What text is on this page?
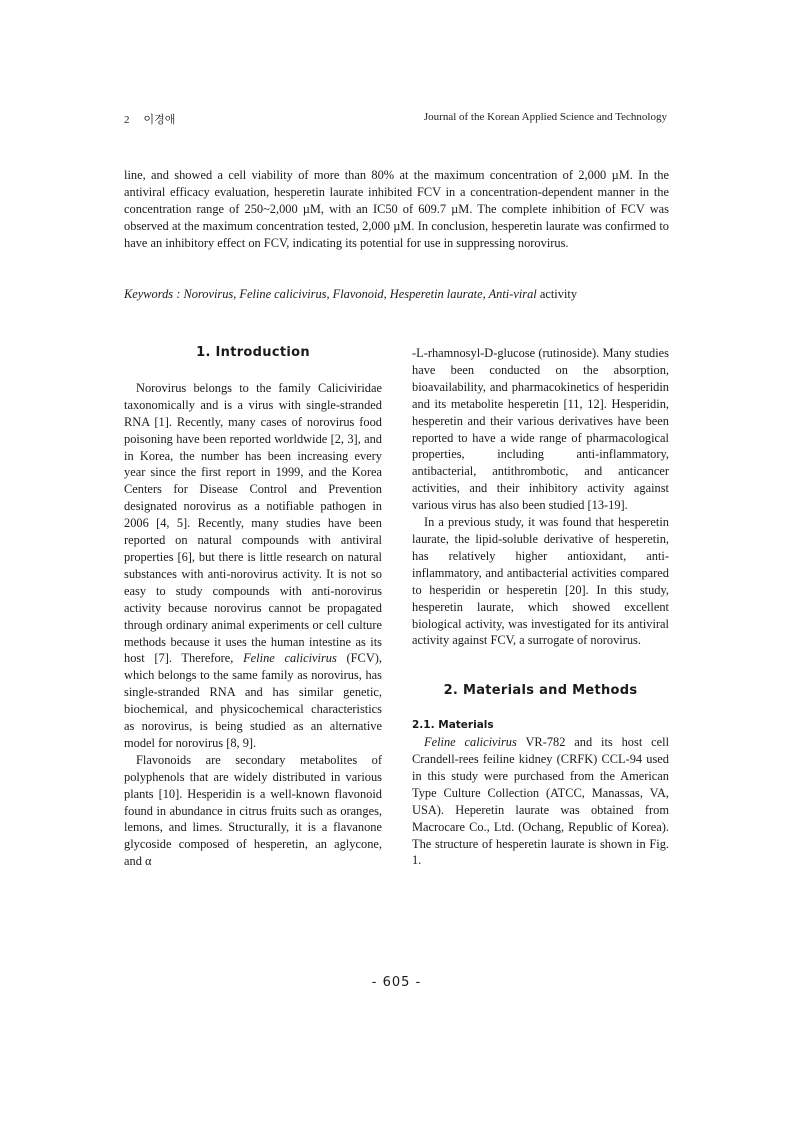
2 이경애	Journal of the Korean Applied Science and Technology

line, and showed a cell viability of more than 80% at the maximum concentration of 2,000 µM. In the antiviral efficacy evaluation, hesperetin laurate inhibited FCV in a concentration-dependent manner in the concentration range of 250~2,000 µM, with an IC50 of 609.7 µM. The complete inhibition of FCV was observed at the maximum concentration tested, 2,000 µM. In conclusion, hesperetin laurate was confirmed to have an inhibitory effect on FCV, indicating its potential for use in suppressing norovirus.

Keywords : Norovirus, Feline calicivirus, Flavonoid, Hesperetin laurate, Anti-viral activity
1. Introduction

Norovirus belongs to the family Caliciviridae taxonomically and is a virus with single-stranded RNA [1]. Recently, many cases of norovirus food poisoning have been reported worldwide [2, 3], and in Korea, the number has been increasing every year since the first report in 1999, and the Korea Centers for Disease Control and Prevention designated norovirus as a notifiable pathogen in 2006 [4, 5]. Recently, many studies have been reported on natural compounds with antiviral properties [6], but there is little research on natural substances with anti-norovirus activity. It is not so easy to study compounds with anti-norovirus activity because norovirus cannot be propagated through ordinary animal experiments or cell culture methods because it uses the human intestine as its host [7]. Therefore, Feline calicivirus (FCV), which belongs to the same family as norovirus, has single-stranded RNA and has similar genetic, biochemical, and physicochemical characteristics as norovirus, is being studied as an alternative model for norovirus [8, 9].

Flavonoids are secondary metabolites of polyphenols that are widely distributed in various plants [10]. Hesperidin is a well-known flavonoid found in abundance in citrus fruits such as oranges, lemons, and limes. Structurally, it is a flavanone glycoside composed of hesperetin, an aglycone, and α

-L-rhamnosyl-D-glucose (rutinoside). Many studies have been conducted on the absorption, bioavailability, and pharmacokinetics of hesperidin and its metabolite hesperetin [11, 12]. Hesperidin, hesperetin and their various derivatives have been reported to have a wide range of pharmacological properties, including anti-inflammatory, antibacterial, antithrombotic, and anticancer activities, and their inhibitory activity against various virus has also been studied [13-19].

In a previous study, it was found that hesperetin laurate, the lipid-soluble derivative of hesperetin, has relatively higher antioxidant, anti-inflammatory, and antibacterial activities compared to hesperidin or hesperetin [20]. In this study, hesperetin laurate, which showed excellent biological activity, was investigated for its antiviral activity against FCV, a surrogate of norovirus.

2. Materials and Methods
2.1. Materials

Feline calicivirus VR-782 and its host cell Crandell-rees feiline kidney (CRFK) CCL-94 used in this study were purchased from the American Type Culture Collection (ATCC, Manassas, VA, USA). Heperetin laurate was obtained from Macrocare Co., Ltd. (Ochang, Republic of Korea). The structure of hesperetin laurate is shown in Fig. 1.

- 605 -
